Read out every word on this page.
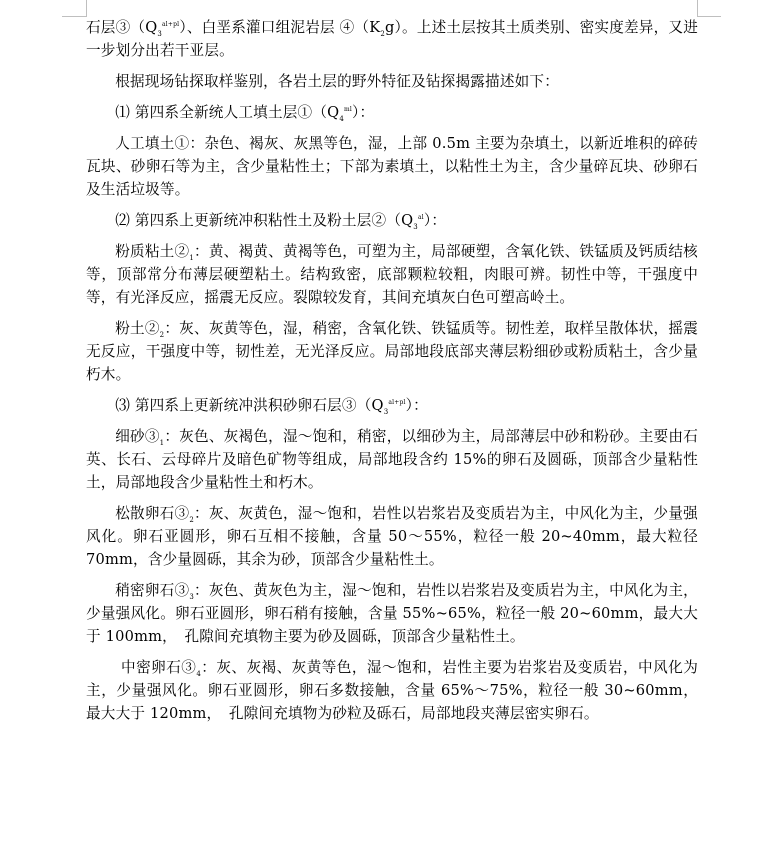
石层$③(Q_3^{al+pl})$、白垩系灌口组泥岩层 $④(K_2g)$。上述土层按其土质类别、密实度差异，又进一步划分出若干亚层。

根据现场钻探取样鉴别，各岩土层的野外特征及钻探揭露描述如下：

⑴ 第四系全新统人工填土层$①(Q_4^{ml})$：

人工填土①：杂色、褐灰、灰黑等色，湿，上部 0.5m 主要为杂填土，以新近堆积的碎砖瓦块、砂卵石等为主，含少量粘性土；下部为素填土，以粘性土为主，含少量碎瓦块、砂卵石及生活垃圾等。

⑵ 第四系上更新统冲积粘性土及粉土层$②(Q_3^{al})$：

粉质粘土$②_1$：黄、褐黄、黄褐等色，可塑为主，局部硬塑，含氧化铁、铁锰质及钙质结核等，顶部常分布薄层硬塑粘土。结构致密，底部颗粒较粗，肉眼可辨。韧性中等，干强度中等，有光泽反应，摇震无反应。裂隙较发育，其间充填灰白色可塑高岭土。

粉土$②_2$：灰、灰黄等色，湿，稍密，含氧化铁、铁锰质等。韧性差，取样呈散体状，摇震无反应，干强度中等，韧性差，无光泽反应。局部地段底部夹薄层粉细砂或粉质粘土，含少量朽木。

⑶ 第四系上更新统冲洪积砂卵石层$③(Q_3^{al+pl})$：

细砂$③_1$：灰色、灰褐色，湿～饱和，稍密，以细砂为主，局部薄层中砂和粉砂。主要由石英、长石、云母碎片及暗色矿物等组成，局部地段含约 15%的卵石及圆砾，顶部含少量粘性土，局部地段含少量粘性土和朽木。

松散卵石$③_2$：灰、灰黄色，湿～饱和，岩性以岩浆岩及变质岩为主，中风化为主，少量强风化。卵石亚圆形，卵石互相不接触，含量 50～55%，粒径一般 20~40mm，最大粒径 70mm，含少量圆砾，其余为砂，顶部含少量粘性土。

稍密卵石$③_3$：灰色、黄灰色为主，湿～饱和，岩性以岩浆岩及变质岩为主，中风化为主，少量强风化。卵石亚圆形，卵石稍有接触，含量 55%~65%，粒径一般 20~60mm，最大大于 100mm，　孔隙间充填物主要为砂及圆砾，顶部含少量粘性土。

中密卵石$③_4$：灰、灰褐、灰黄等色，湿～饱和，岩性主要为岩浆岩及变质岩，中风化为主，少量强风化。卵石亚圆形，卵石多数接触，含量 65%～75%，粒径一般 30~60mm，最大大于 120mm，　孔隙间充填物为砂粒及砾石，局部地段夹薄层密实卵石。
